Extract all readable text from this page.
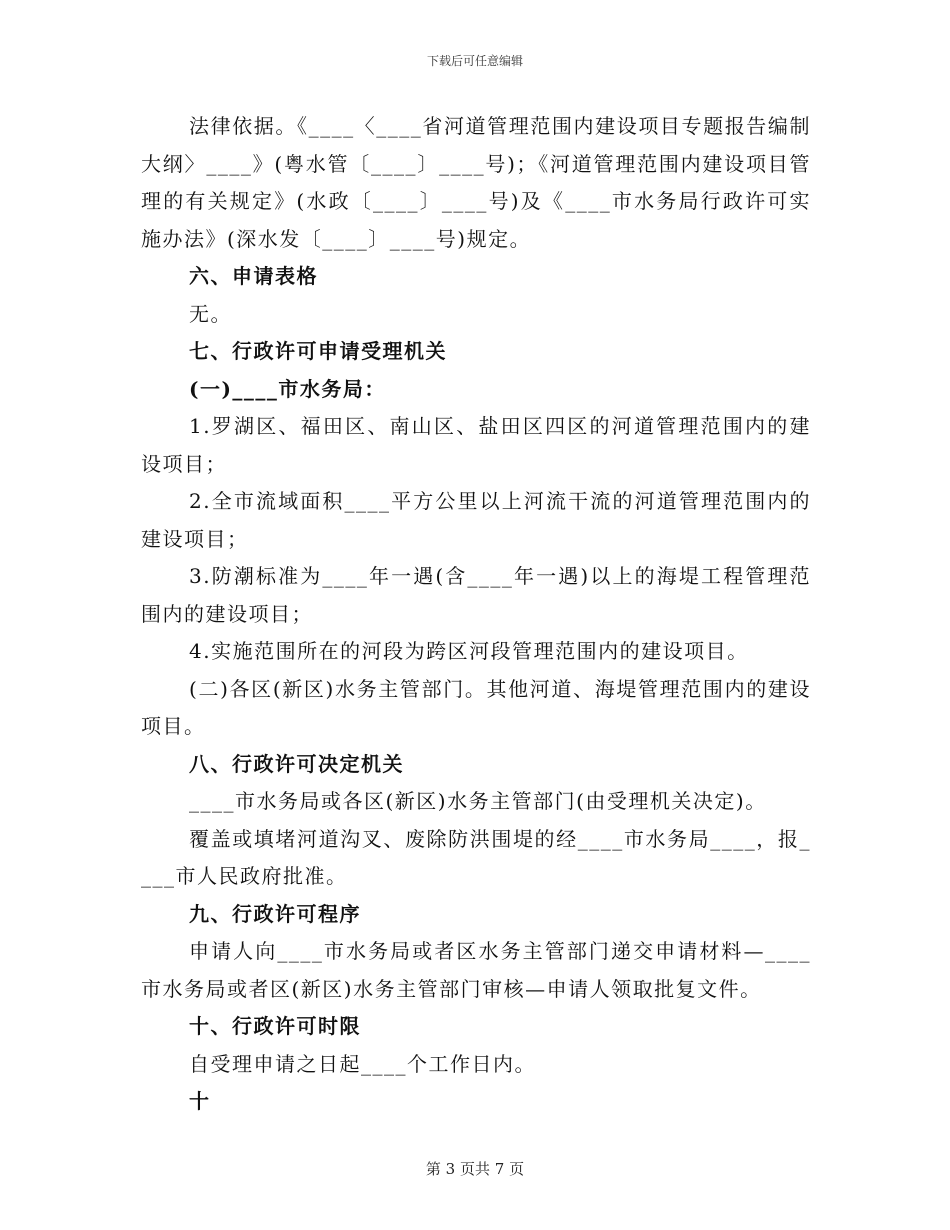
下载后可任意编辑

法律依据。《____〈____省河道管理范围内建设项目专题报告编制大纲〉____》(粤水管〔____〕____号)；《河道管理范围内建设项目管理的有关规定》(水政〔____〕____号)及《____市水务局行政许可实施办法》(深水发〔____〕____号)规定。

六、申请表格

无。

七、行政许可申请受理机关

(一)____市水务局：

1.罗湖区、福田区、南山区、盐田区四区的河道管理范围内的建设项目；

2.全市流域面积____平方公里以上河流干流的河道管理范围内的建设项目；

3.防潮标准为____年一遇(含____年一遇)以上的海堤工程管理范围内的建设项目；

4.实施范围所在的河段为跨区河段管理范围内的建设项目。

(二)各区(新区)水务主管部门。其他河道、海堤管理范围内的建设项目。

八、行政许可决定机关

____市水务局或各区(新区)水务主管部门(由受理机关决定)。

覆盖或填堵河道沟叉、废除防洪围堤的经____市水务局____，报____市人民政府批准。

九、行政许可程序

申请人向____市水务局或者区水务主管部门递交申请材料—____市水务局或者区(新区)水务主管部门审核—申请人领取批复文件。

十、行政许可时限

自受理申请之日起____个工作日内。

十

第 3 页共 7 页
